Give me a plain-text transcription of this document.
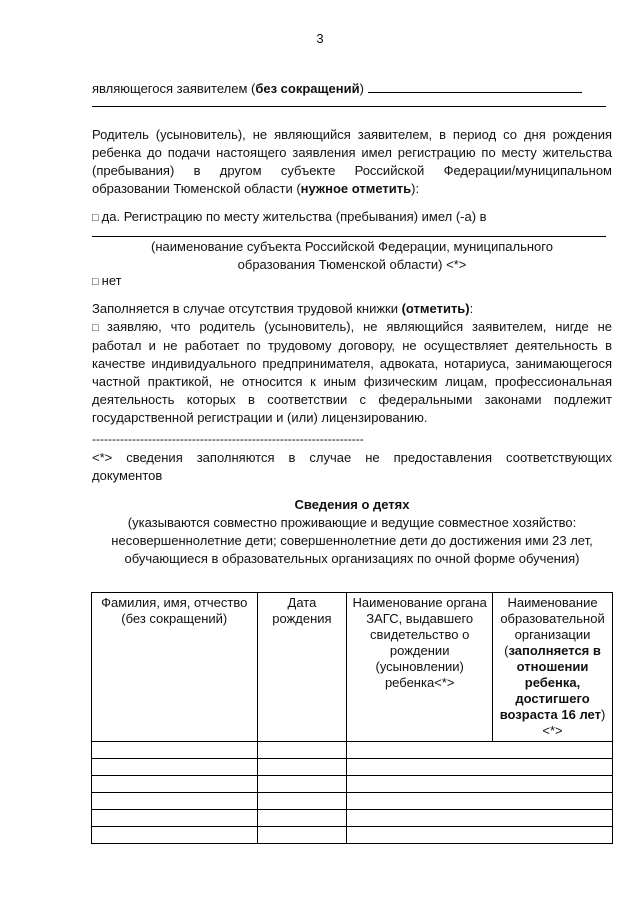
3
являющегося заявителем (без сокращений)
Родитель (усыновитель), не являющийся заявителем, в период со дня рождения ребенка до подачи настоящего заявления имел регистрацию по месту жительства (пребывания) в другом субъекте Российской Федерации/муниципальном образовании Тюменской области (нужное отметить):
□ да. Регистрацию по месту жительства (пребывания) имел (-а) в
(наименование субъекта Российской Федерации, муниципального образования Тюменской области) <*>
□ нет
Заполняется в случае отсутствия трудовой книжки (отметить):
□ заявляю, что родитель (усыновитель), не являющийся заявителем, нигде не работал и не работает по трудовому договору, не осуществляет деятельность в качестве индивидуального предпринимателя, адвоката, нотариуса, занимающегося частной практикой, не относится к иным физическим лицам, профессиональная деятельность которых в соответствии с федеральными законами подлежит государственной регистрации и (или) лицензированию.
--------------------------------------------------------------------
<*> сведения заполняются в случае не предоставления соответствующих документов
Сведения о детях
(указываются совместно проживающие и ведущие совместное хозяйство: несовершеннолетние дети; совершеннолетние дети до достижения ими 23 лет, обучающиеся в образовательных организациях по очной форме обучения)
Фамилия, имя, отчество (без сокращений)	Дата рождения	Наименование органа ЗАГС, выдавшего свидетельство о рождении (усыновлении) ребенка<*>	Наименование образовательной организации (заполняется в отношении ребенка, достигшего возраста 16 лет)<*>
